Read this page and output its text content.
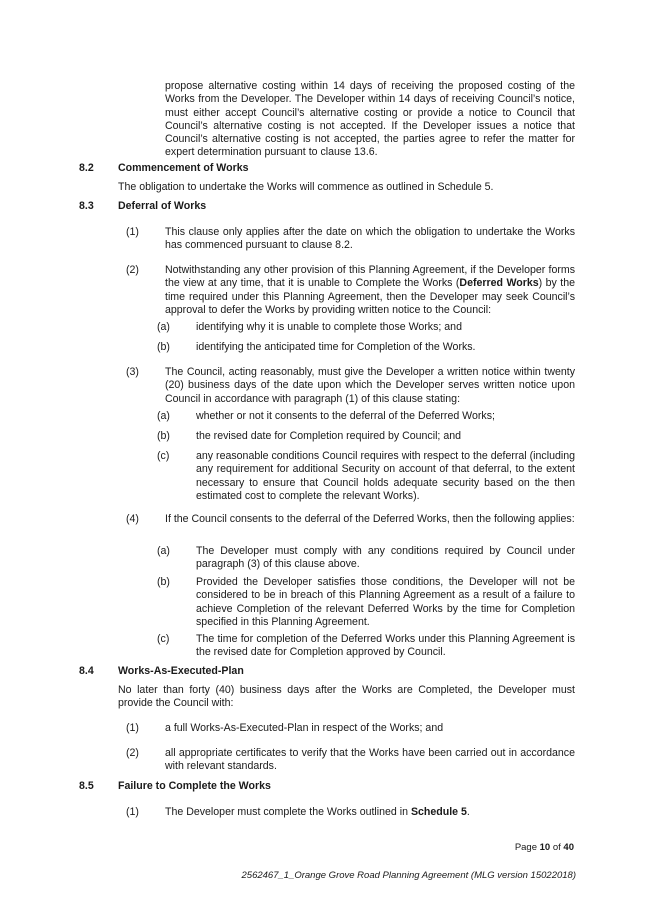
propose alternative costing within 14 days of receiving the proposed costing of the Works from the Developer. The Developer within 14 days of receiving Council’s notice, must either accept Council’s alternative costing or provide a notice to Council that Council’s alternative costing is not accepted. If the Developer issues a notice that Council’s alternative costing is not accepted, the parties agree to refer the matter for expert determination pursuant to clause 13.6.
8.2 Commencement of Works
The obligation to undertake the Works will commence as outlined in Schedule 5.
8.3 Deferral of Works
(1) This clause only applies after the date on which the obligation to undertake the Works has commenced pursuant to clause 8.2.
(2) Notwithstanding any other provision of this Planning Agreement, if the Developer forms the view at any time, that it is unable to Complete the Works (Deferred Works) by the time required under this Planning Agreement, then the Developer may seek Council’s approval to defer the Works by providing written notice to the Council:
(a) identifying why it is unable to complete those Works; and
(b) identifying the anticipated time for Completion of the Works.
(3) The Council, acting reasonably, must give the Developer a written notice within twenty (20) business days of the date upon which the Developer serves written notice upon Council in accordance with paragraph (1) of this clause stating:
(a) whether or not it consents to the deferral of the Deferred Works;
(b) the revised date for Completion required by Council; and
(c)	any reasonable conditions Council requires with respect to the deferral (including any requirement for additional Security on account of that deferral, to the extent necessary to ensure that Council holds adequate security based on the then estimated cost to complete the relevant Works).
(4) If the Council consents to the deferral of the Deferred Works, then the following applies:
(a) The Developer must comply with any conditions required by Council under paragraph (3) of this clause above.
(b) Provided the Developer satisfies those conditions, the Developer will not be considered to be in breach of this Planning Agreement as a result of a failure to achieve Completion of the relevant Deferred Works by the time for Completion specified in this Planning Agreement.
(c)	The time for completion of the Deferred Works under this Planning Agreement is the revised date for Completion approved by Council.
8.4 Works-As-Executed-Plan
No later than forty (40) business days after the Works are Completed, the Developer must provide the Council with:
(1) a full Works-As-Executed-Plan in respect of the Works; and
(2) all appropriate certificates to verify that the Works have been carried out in accordance with relevant standards.
8.5 Failure to Complete the Works
(1) The Developer must complete the Works outlined in Schedule 5.
Page 10 of 40
2562467_1_Orange Grove Road Planning Agreement (MLG version 15022018)
